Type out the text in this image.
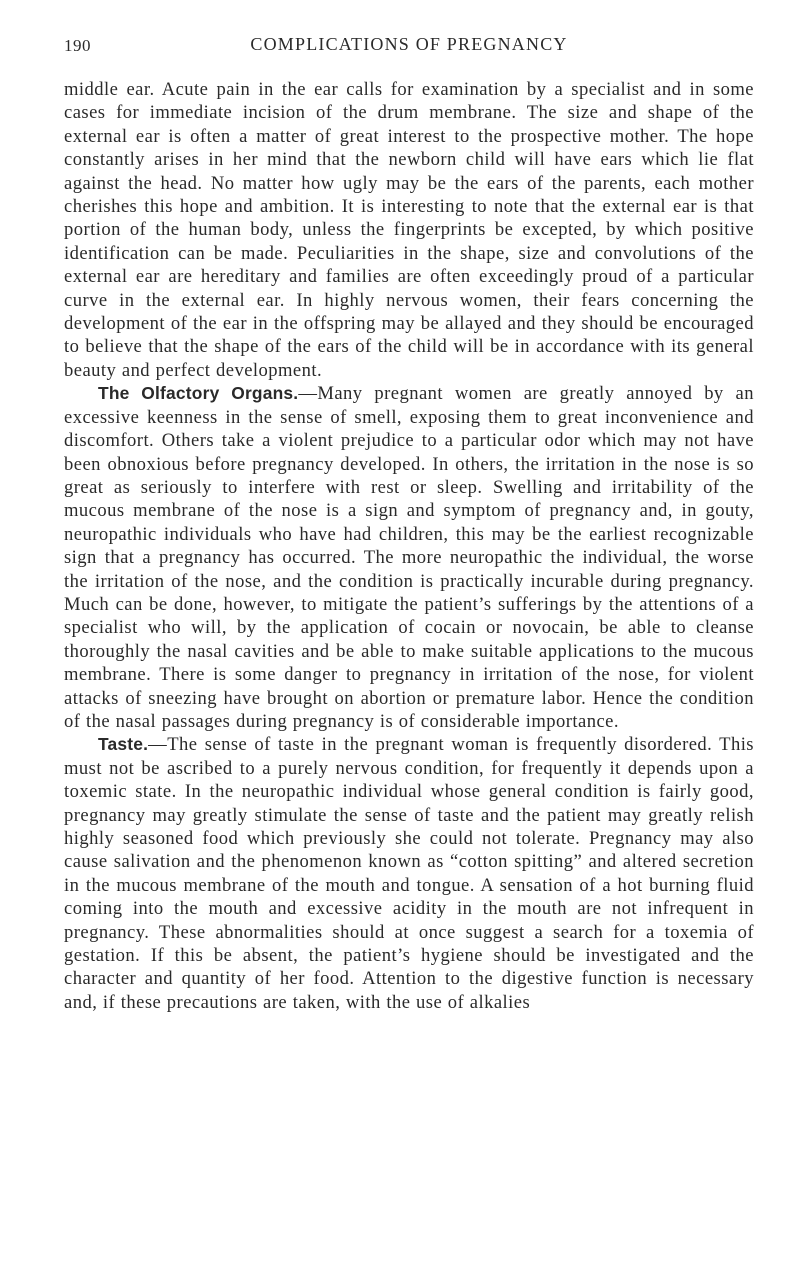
190	COMPLICATIONS OF PREGNANCY

middle ear. Acute pain in the ear calls for examination by a specialist and in some cases for immediate incision of the drum membrane. The size and shape of the external ear is often a matter of great interest to the prospective mother. The hope constantly arises in her mind that the newborn child will have ears which lie flat against the head. No matter how ugly may be the ears of the parents, each mother cherishes this hope and ambition. It is interesting to note that the external ear is that portion of the human body, unless the fingerprints be excepted, by which positive identification can be made. Peculiarities in the shape, size and convolutions of the external ear are hereditary and families are often exceedingly proud of a particular curve in the external ear. In highly nervous women, their fears concerning the development of the ear in the offspring may be allayed and they should be encouraged to believe that the shape of the ears of the child will be in accordance with its general beauty and perfect development.

The Olfactory Organs.—Many pregnant women are greatly annoyed by an excessive keenness in the sense of smell, exposing them to great inconvenience and discomfort. Others take a violent prejudice to a particular odor which may not have been obnoxious before pregnancy developed. In others, the irritation in the nose is so great as seriously to interfere with rest or sleep. Swelling and irritability of the mucous membrane of the nose is a sign and symptom of pregnancy and, in gouty, neuropathic individuals who have had children, this may be the earliest recognizable sign that a pregnancy has occurred. The more neuropathic the individual, the worse the irritation of the nose, and the condition is practically incurable during pregnancy. Much can be done, however, to mitigate the patient’s sufferings by the attentions of a specialist who will, by the application of cocain or novocain, be able to cleanse thoroughly the nasal cavities and be able to make suitable applications to the mucous membrane. There is some danger to pregnancy in irritation of the nose, for violent attacks of sneezing have brought on abortion or premature labor. Hence the condition of the nasal passages during pregnancy is of considerable importance.

Taste.—The sense of taste in the pregnant woman is frequently disordered. This must not be ascribed to a purely nervous condition, for frequently it depends upon a toxemic state. In the neuropathic individual whose general condition is fairly good, pregnancy may greatly stimulate the sense of taste and the patient may greatly relish highly seasoned food which previously she could not tolerate. Pregnancy may also cause salivation and the phenomenon known as “cotton spitting” and altered secretion in the mucous membrane of the mouth and tongue. A sensation of a hot burning fluid coming into the mouth and excessive acidity in the mouth are not infrequent in pregnancy. These abnormalities should at once suggest a search for a toxemia of gestation. If this be absent, the patient’s hygiene should be investigated and the character and quantity of her food. Attention to the digestive function is necessary and, if these precautions are taken, with the use of alkalies
